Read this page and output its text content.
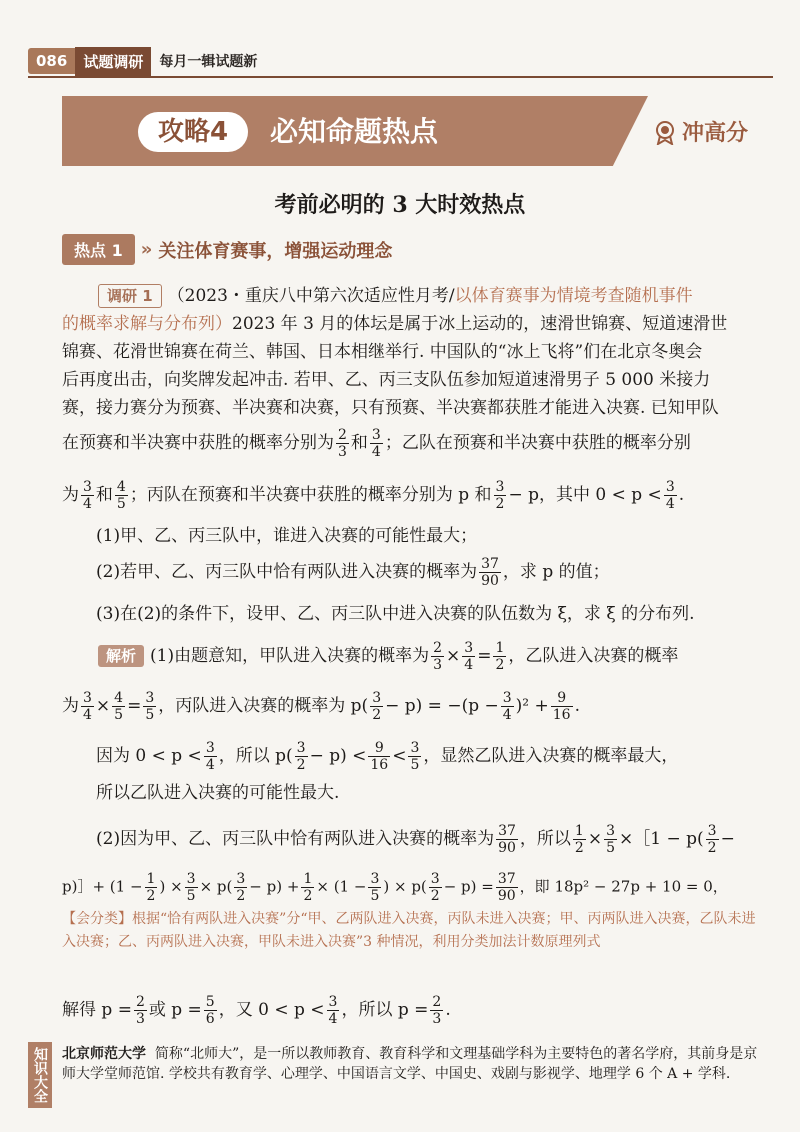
086	试题调研	每月一辑试题新
攻略4	必知命题热点	冲高分
考前必明的 3 大时效热点
热点 1	» 关注体育赛事，增强运动理念
调研 1 （2023・重庆八中第六次适应性月考/以体育赛事为情境考查随机事件
的概率求解与分布列）2023 年 3 月的体坛是属于冰上运动的，速滑世锦赛、短道速滑世
锦赛、花滑世锦赛在荷兰、韩国、日本相继举行. 中国队的“冰上飞将”们在北京冬奥会
后再度出击，向奖牌发起冲击. 若甲、乙、丙三支队伍参加短道速滑男子 5 000 米接力
赛，接力赛分为预赛、半决赛和决赛，只有预赛、半决赛都获胜才能进入决赛. 已知甲队
在预赛和半决赛中获胜的概率分别为 $\frac{2}{3}$ 和 $\frac{3}{4}$ ；乙队在预赛和半决赛中获胜的概率分别
为 $\frac{3}{4}$ 和 $\frac{4}{5}$ ；丙队在预赛和半决赛中获胜的概率分别为 p 和 $\frac{3}{2} - p$，其中 $0 < p < \frac{3}{4}$ .
(1)甲、乙、丙三队中，谁进入决赛的可能性最大；
(2)若甲、乙、丙三队中恰有两队进入决赛的概率为 $\frac{37}{90}$ ，求 p 的值；
(3)在(2)的条件下，设甲、乙、丙三队中进入决赛的队伍数为 ξ，求 ξ 的分布列.
解析 (1)由题意知，甲队进入决赛的概率为 $\frac{2}{3} \times \frac{3}{4} = \frac{1}{2}$ ，乙队进入决赛的概率
为 $\frac{3}{4} \times \frac{4}{5} = \frac{3}{5}$ ，丙队进入决赛的概率为 $p( \frac{3}{2} - p) = -(p - \frac{3}{4} )^2 + \frac{9}{16}$ .
因为 $0 < p < \frac{3}{4}$ ，所以 $p( \frac{3}{2} - p) < \frac{9}{16} < \frac{3}{5}$ ，显然乙队进入决赛的概率最大，
所以乙队进入决赛的可能性最大.
(2)因为甲、乙、丙三队中恰有两队进入决赛的概率为 $\frac{37}{90}$ ，所以 $\frac{1}{2} \times \frac{3}{5}$ ×［1 − $p( \frac{3}{2}$ −
p)］+ ($1 - \frac{1}{2}$ ) × $\frac{3}{5} \times p( \frac{3}{2} - p) + \frac{1}{2} \times (1 - \frac{3}{5}$ ) × $p( \frac{3}{2} - p) = \frac{37}{90}$ ，即 18p² − 27p + 10 = 0，
【会分类】根据“恰有两队进入决赛”分“甲、乙两队进入决赛，丙队未进入决赛；甲、丙两队进入决赛，乙队未进入决赛；乙、丙两队进入决赛，甲队未进入决赛”3 种情况，利用分类加法计数原理列式
解得 $p = \frac{2}{3}$ 或 $p = \frac{5}{6}$ ，又 $0 < p < \frac{3}{4}$ ，所以 $p = \frac{2}{3}$ .
知识大全 北京师范大学 简称“北师大”，是一所以教师教育、教育科学和文理基础学科为主要特色的著名学府，其前身是京师大学堂师范馆. 学校共有教育学、心理学、中国语言文学、中国史、戏剧与影视学、地理学 6 个 A + 学科.
